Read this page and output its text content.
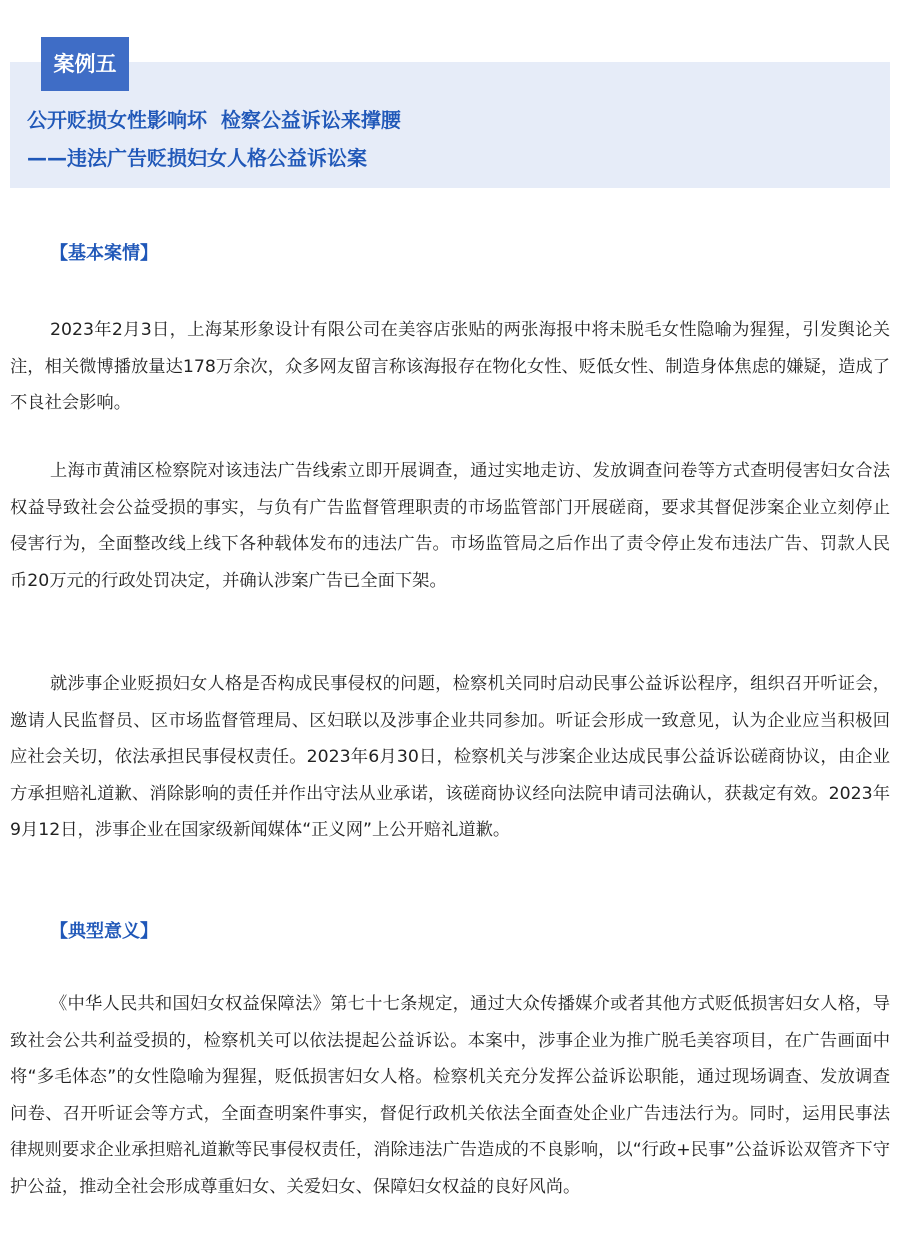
案例五
公开贬损女性影响坏  检察公益诉讼来撑腰
——违法广告贬损妇女人格公益诉讼案
【基本案情】

2023年2月3日，上海某形象设计有限公司在美容店张贴的两张海报中将未脱毛女性隐喻为猩猩，引发舆论关注，相关微博播放量达178万余次，众多网友留言称该海报存在物化女性、贬低女性、制造身体焦虑的嫌疑，造成了不良社会影响。

上海市黄浦区检察院对该违法广告线索立即开展调查，通过实地走访、发放调查问卷等方式查明侵害妇女合法权益导致社会公益受损的事实，与负有广告监督管理职责的市场监管部门开展磋商，要求其督促涉案企业立刻停止侵害行为，全面整改线上线下各种载体发布的违法广告。市场监管局之后作出了责令停止发布违法广告、罚款人民币20万元的行政处罚决定，并确认涉案广告已全面下架。

就涉事企业贬损妇女人格是否构成民事侵权的问题，检察机关同时启动民事公益诉讼程序，组织召开听证会，邀请人民监督员、区市场监督管理局、区妇联以及涉事企业共同参加。听证会形成一致意见，认为企业应当积极回应社会关切，依法承担民事侵权责任。2023年6月30日，检察机关与涉案企业达成民事公益诉讼磋商协议，由企业方承担赔礼道歉、消除影响的责任并作出守法从业承诺，该磋商协议经向法院申请司法确认，获裁定有效。2023年9月12日，涉事企业在国家级新闻媒体“正义网”上公开赔礼道歉。

【典型意义】

《中华人民共和国妇女权益保障法》第七十七条规定，通过大众传播媒介或者其他方式贬低损害妇女人格，导致社会公共利益受损的，检察机关可以依法提起公益诉讼。本案中，涉事企业为推广脱毛美容项目，在广告画面中将“多毛体态”的女性隐喻为猩猩，贬低损害妇女人格。检察机关充分发挥公益诉讼职能，通过现场调查、发放调查问卷、召开听证会等方式，全面查明案件事实，督促行政机关依法全面查处企业广告违法行为。同时，运用民事法律规则要求企业承担赔礼道歉等民事侵权责任，消除违法广告造成的不良影响，以“行政+民事”公益诉讼双管齐下守护公益，推动全社会形成尊重妇女、关爱妇女、保障妇女权益的良好风尚。
